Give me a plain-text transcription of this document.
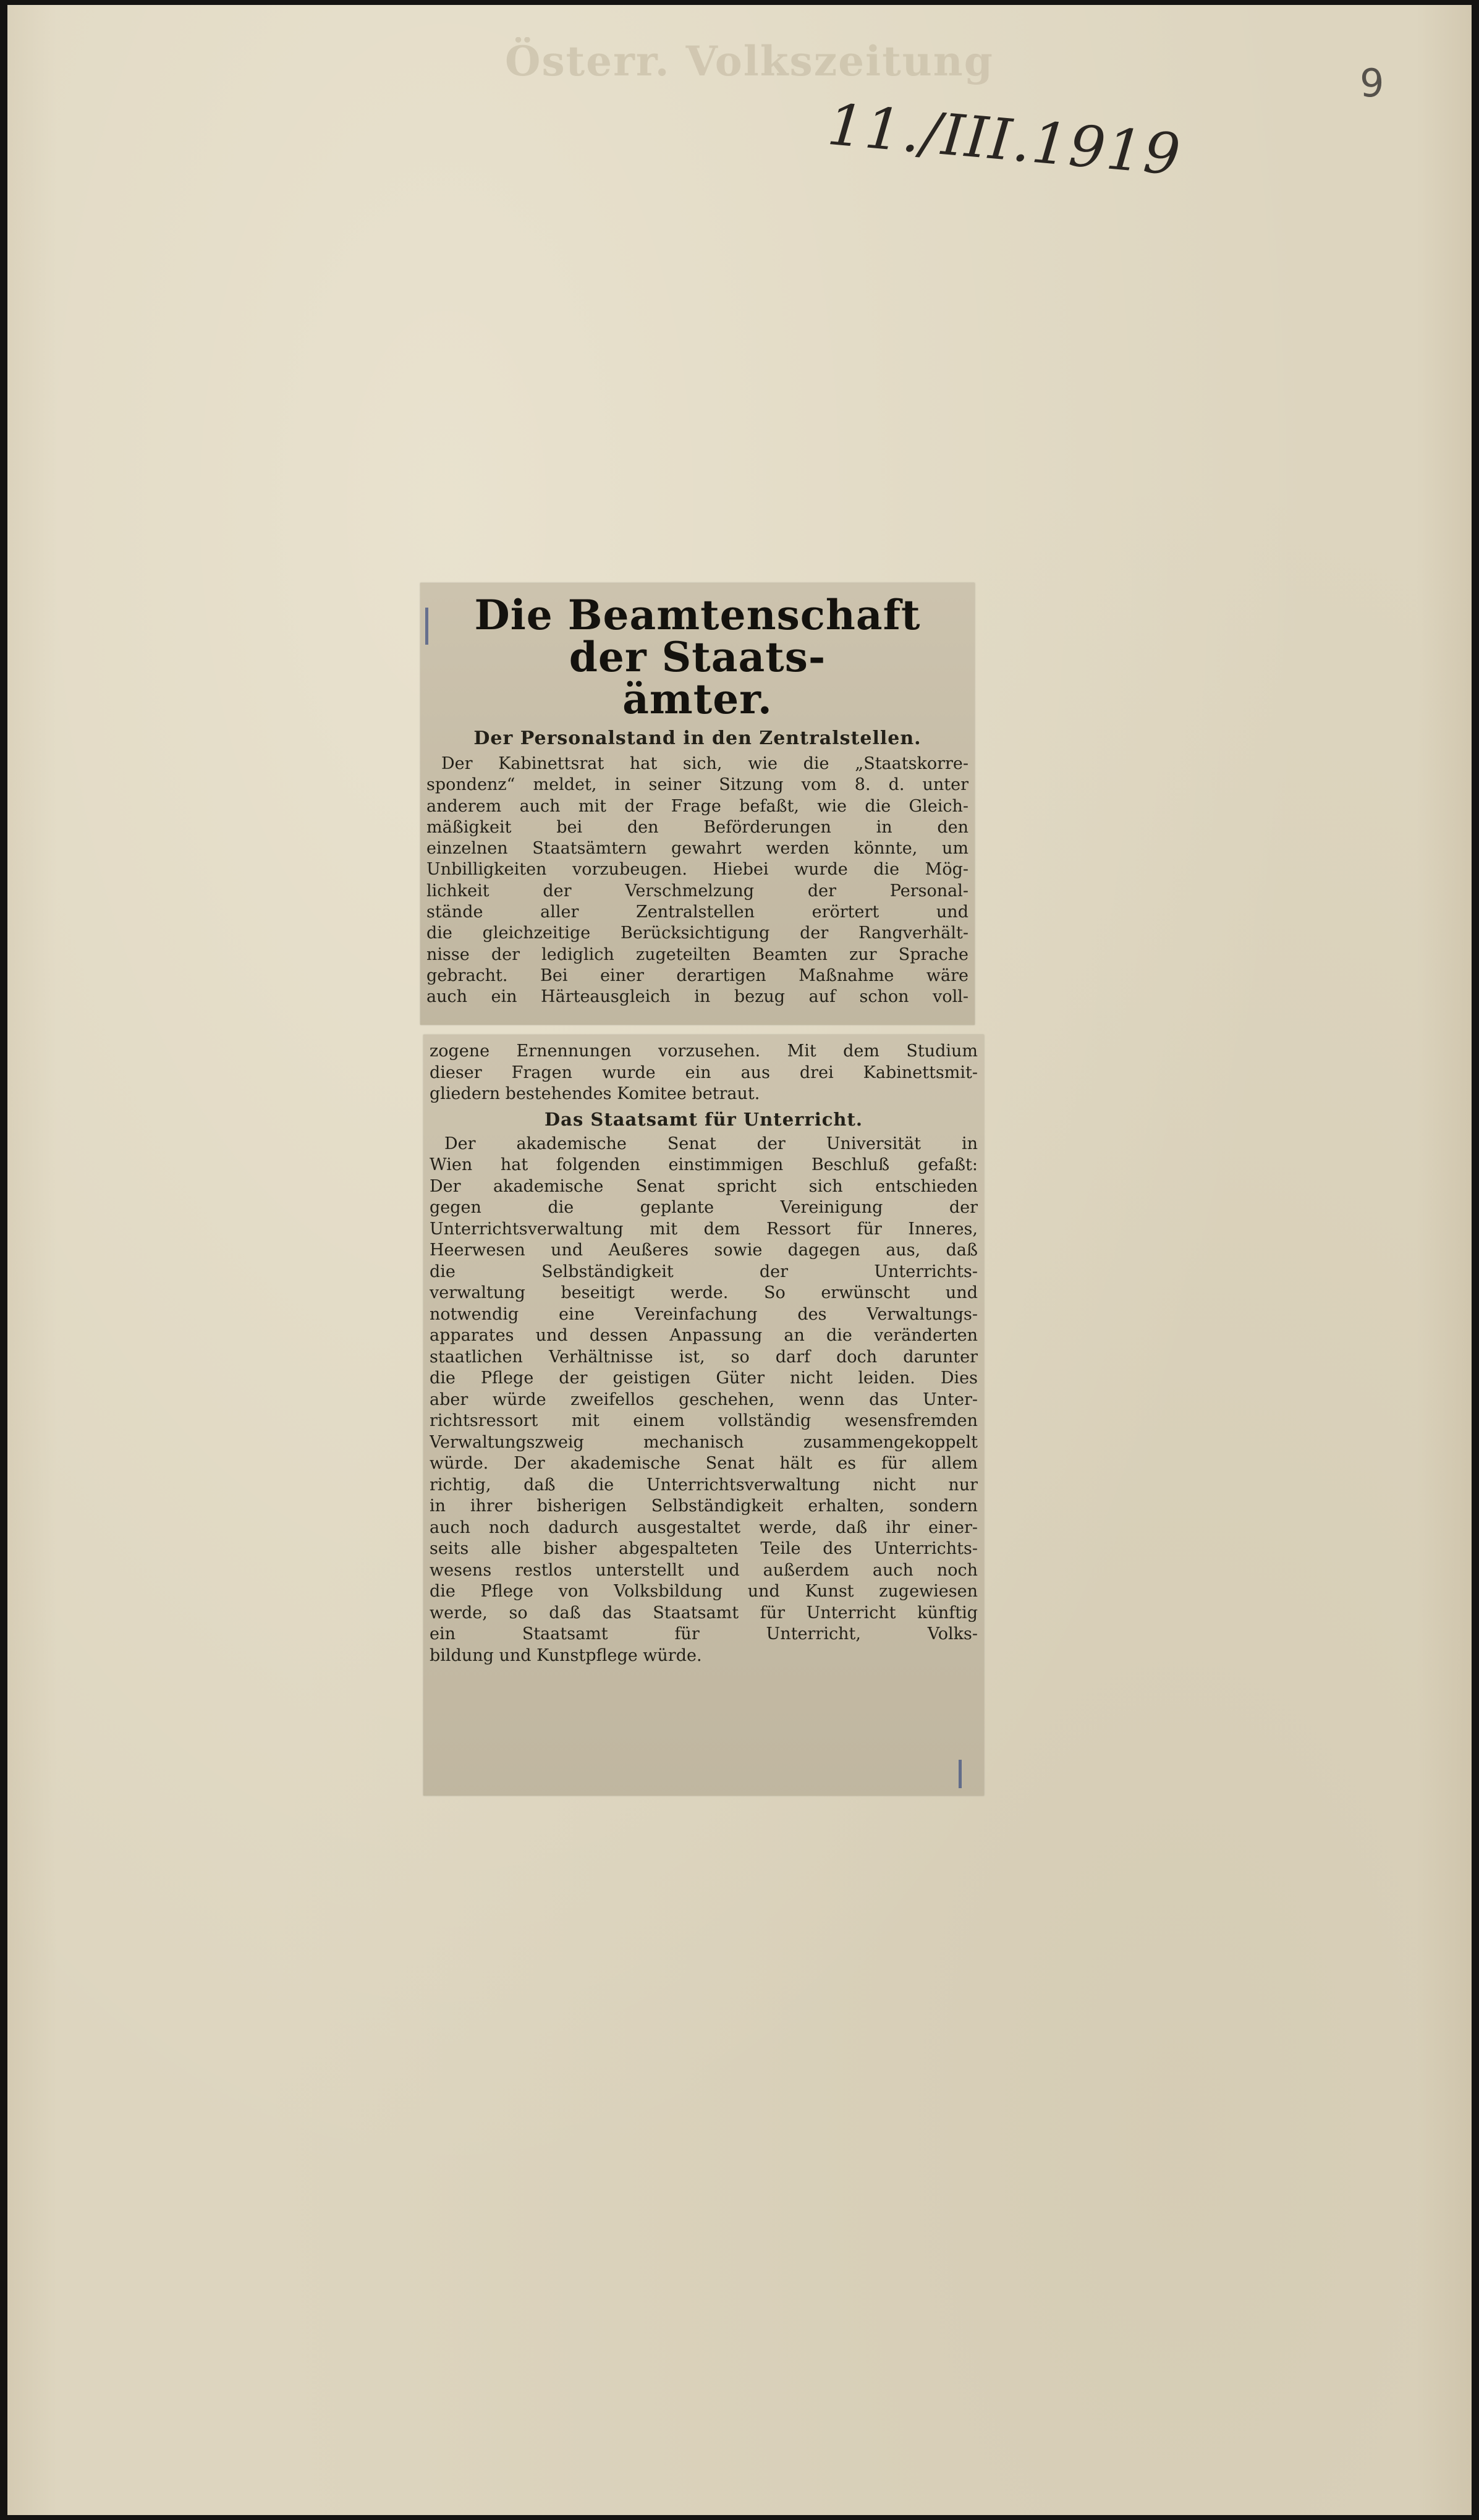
Österr. Volkszeitung
11./III.1919
9
Die Beamtenschaft der Staats-
ämter.
Der Personalstand in den Zentralstellen.
Der Kabinettsrat hat sich, wie die „Staatskorre-
spondenz“ meldet, in seiner Sitzung vom 8. d. unter
anderem auch mit der Frage befaßt, wie die Gleich-
mäßigkeit bei den Beförderungen in den
einzelnen Staatsämtern gewahrt werden könnte, um
Unbilligkeiten vorzubeugen. Hiebei wurde die Mög-
lichkeit der Verschmelzung der Personal-
stände aller Zentralstellen erörtert und
die gleichzeitige Berücksichtigung der Rangverhält-
nisse der lediglich zugeteilten Beamten zur Sprache
gebracht. Bei einer derartigen Maßnahme wäre
auch ein Härteausgleich in bezug auf schon voll-
zogene Ernennungen vorzusehen. Mit dem Studium
dieser Fragen wurde ein aus drei Kabinettsmit-
gliedern bestehendes Komitee betraut.
Das Staatsamt für Unterricht.
Der akademische Senat der Universität in
Wien hat folgenden einstimmigen Beschluß gefaßt:
Der akademische Senat spricht sich entschieden
gegen die geplante Vereinigung der
Unterrichtsverwaltung mit dem Ressort für Inneres,
Heerwesen und Aeußeres sowie dagegen aus, daß
die Selbständigkeit der Unterrichts-
verwaltung beseitigt werde. So erwünscht und
notwendig eine Vereinfachung des Verwaltungs-
apparates und dessen Anpassung an die veränderten
staatlichen Verhältnisse ist, so darf doch darunter
die Pflege der geistigen Güter nicht leiden. Dies
aber würde zweifellos geschehen, wenn das Unter-
richtsressort mit einem vollständig wesensfremden
Verwaltungszweig mechanisch zusammengekoppelt
würde. Der akademische Senat hält es für allem
richtig, daß die Unterrichtsverwaltung nicht nur
in ihrer bisherigen Selbständigkeit erhalten, sondern
auch noch dadurch ausgestaltet werde, daß ihr einer-
seits alle bisher abgespalteten Teile des Unterrichts-
wesens restlos unterstellt und außerdem auch noch
die Pflege von Volksbildung und Kunst zugewiesen
werde, so daß das Staatsamt für Unterricht künftig
ein Staatsamt für Unterricht, Volks-
bildung und Kunstpflege würde.
